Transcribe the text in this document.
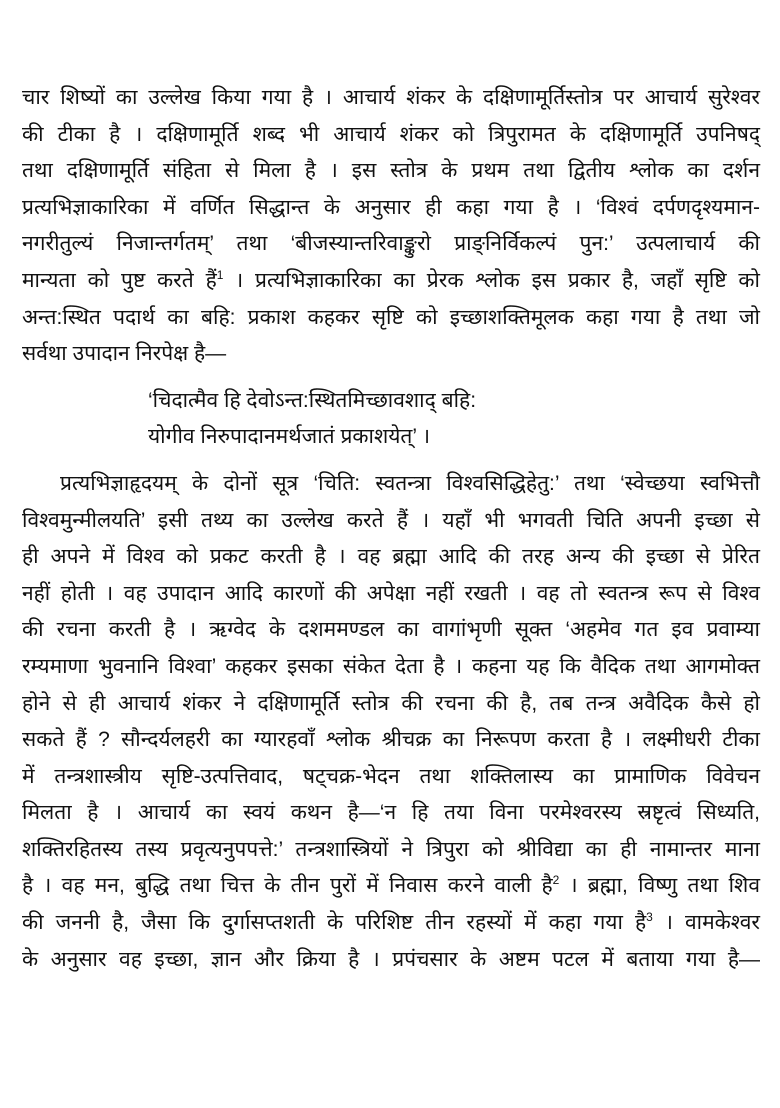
चार शिष्यों का उल्लेख किया गया है । आचार्य शंकर के दक्षिणामूर्तिस्तोत्र पर आचार्य सुरेश्वर
की टीका है । दक्षिणामूर्ति शब्द भी आचार्य शंकर को त्रिपुरामत के दक्षिणामूर्ति उपनिषद्
तथा दक्षिणामूर्ति संहिता से मिला है । इस स्तोत्र के प्रथम तथा द्वितीय श्लोक का दर्शन
प्रत्यभिज्ञाकारिका में वर्णित सिद्धान्त के अनुसार ही कहा गया है । ‘विश्वं दर्पणदृश्यमान-
नगरीतुल्यं निजान्तर्गतम्’ तथा ‘बीजस्यान्तरिवाङ्कुरो प्राङ्निर्विकल्पं पुन:’ उत्पलाचार्य की
मान्यता को पुष्ट करते हैं$^1$ । प्रत्यभिज्ञाकारिका का प्रेरक श्लोक इस प्रकार है, जहाँ सृष्टि को
अन्त:स्थित पदार्थ का बहि: प्रकाश कहकर सृष्टि को इच्छाशक्तिमूलक कहा गया है तथा जो
सर्वथा उपादान निरपेक्ष है—
‘चिदात्मैव हि देवोऽन्त:स्थितमिच्छावशाद् बहि:
योगीव निरुपादानमर्थजातं प्रकाशयेत्’ ।
प्रत्यभिज्ञाहृदयम् के दोनों सूत्र ‘चिति: स्वतन्त्रा विश्वसिद्धिहेतु:’ तथा ‘स्वेच्छया स्वभित्तौ
विश्वमुन्मीलयति’ इसी तथ्य का उल्लेख करते हैं । यहाँ भी भगवती चिति अपनी इच्छा से
ही अपने में विश्व को प्रकट करती है । वह ब्रह्मा आदि की तरह अन्य की इच्छा से प्रेरित
नहीं होती । वह उपादान आदि कारणों की अपेक्षा नहीं रखती । वह तो स्वतन्त्र रूप से विश्व
की रचना करती है । ऋग्वेद के दशममण्डल का वागांभृणी सूक्त ‘अहमेव गत इव प्रवाम्या
रम्यमाणा भुवनानि विश्वा’ कहकर इसका संकेत देता है । कहना यह कि वैदिक तथा आगमोक्त
होने से ही आचार्य शंकर ने दक्षिणामूर्ति स्तोत्र की रचना की है, तब तन्त्र अवैदिक कैसे हो
सकते हैं ? सौन्दर्यलहरी का ग्यारहवाँ श्लोक श्रीचक्र का निरूपण करता है । लक्ष्मीधरी टीका
में तन्त्रशास्त्रीय सृष्टि-उत्पत्तिवाद, षट्चक्र-भेदन तथा शक्तिलास्य का प्रामाणिक विवेचन
मिलता है । आचार्य का स्वयं कथन है—‘न हि तया विना परमेश्वरस्य स्रष्टृत्वं सिध्यति,
शक्तिरहितस्य तस्य प्रवृत्यनुपपत्ते:’ तन्त्रशास्त्रियों ने त्रिपुरा को श्रीविद्या का ही नामान्तर माना
है । वह मन, बुद्धि तथा चित्त के तीन पुरों में निवास करने वाली है$^2$ । ब्रह्मा, विष्णु तथा शिव
की जननी है, जैसा कि दुर्गासप्तशती के परिशिष्ट तीन रहस्यों में कहा गया है$^3$ । वामकेश्वर
के अनुसार वह इच्छा, ज्ञान और क्रिया है । प्रपंचसार के अष्टम पटल में बताया गया है—
